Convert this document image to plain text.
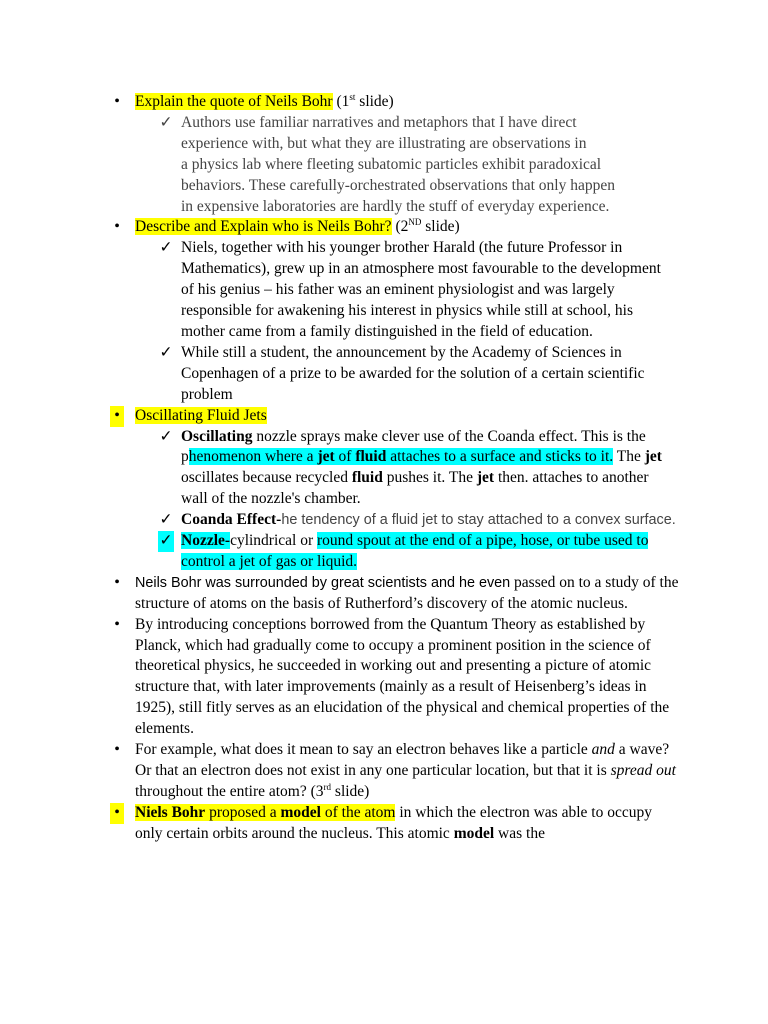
• Explain the quote of Neils Bohr (1st slide)
✓ Authors use familiar narratives and metaphors that I have direct
experience with, but what they are illustrating are observations in
a physics lab where fleeting subatomic particles exhibit paradoxical
behaviors. These carefully-orchestrated observations that only happen
in expensive laboratories are hardly the stuff of everyday experience.
• Describe and Explain who is Neils Bohr? (2ND slide)
✓ Niels, together with his younger brother Harald (the future Professor in Mathematics), grew up in an atmosphere most favourable to the development of his genius – his father was an eminent physiologist and was largely responsible for awakening his interest in physics while still at school, his mother came from a family distinguished in the field of education.
✓ While still a student, the announcement by the Academy of Sciences in Copenhagen of a prize to be awarded for the solution of a certain scientific problem
• Oscillating Fluid Jets
✓ Oscillating nozzle sprays make clever use of the Coanda effect. This is the phenomenon where a jet of fluid attaches to a surface and sticks to it. The jet oscillates because recycled fluid pushes it. The jet then. attaches to another wall of the nozzle's chamber.
✓ Coanda Effect-he tendency of a fluid jet to stay attached to a convex surface.
✓ Nozzle-cylindrical or round spout at the end of a pipe, hose, or tube used to control a jet of gas or liquid.
• Neils Bohr was surrounded by great scientists and he even passed on to a study of the structure of atoms on the basis of Rutherford’s discovery of the atomic nucleus.
• By introducing conceptions borrowed from the Quantum Theory as established by Planck, which had gradually come to occupy a prominent position in the science of theoretical physics, he succeeded in working out and presenting a picture of atomic structure that, with later improvements (mainly as a result of Heisenberg’s ideas in 1925), still fitly serves as an elucidation of the physical and chemical properties of the elements.
• For example, what does it mean to say an electron behaves like a particle and a wave? Or that an electron does not exist in any one particular location, but that it is spread out throughout the entire atom? (3rd slide)
• Niels Bohr proposed a model of the atom in which the electron was able to occupy only certain orbits around the nucleus. This atomic model was the
